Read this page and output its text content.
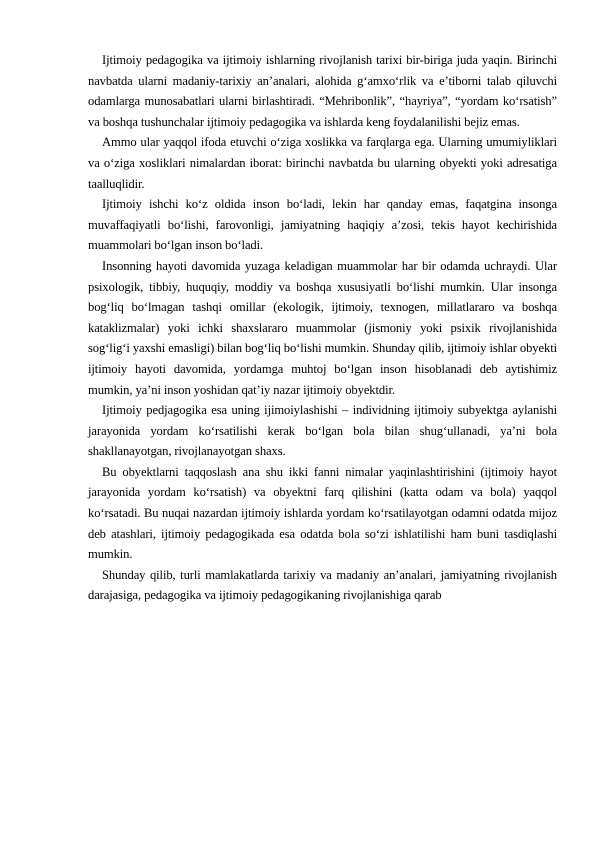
Ijtimoiy pedagogika va ijtimoiy ishlarning rivojlanish tarixi bir-biriga juda yaqin. Birinchi navbatda ularni madaniy-tarixiy an’analari, alohida g‘amxo‘rlik va e’tiborni talab qiluvchi odamlarga munosabatlari ularni birlashtiradi. “Mehribonlik”, “hayriya”, “yordam ko‘rsatish” va boshqa tushunchalar ijtimoiy pedagogika va ishlarda keng foydalanilishi bejiz emas.

Ammo ular yaqqol ifoda etuvchi o‘ziga xoslikka va farqlarga ega. Ularning umumiyliklari va o‘ziga xosliklari nimalardan iborat: birinchi navbatda bu ularning obyekti yoki adresatiga taalluqlidir.

Ijtimoiy ishchi ko‘z oldida inson bo‘ladi, lekin har qanday emas, faqatgina insonga muvaffaqiyatli bo‘lishi, farovonligi, jamiyatning haqiqiy a’zosi, tekis hayot kechirishida muammolari bo‘lgan inson bo‘ladi.

Insonning hayoti davomida yuzaga keladigan muammolar har bir odamda uchraydi. Ular psixologik, tibbiy, huquqiy, moddiy va boshqa xususiyatli bo‘lishi mumkin. Ular insonga bog‘liq bo‘lmagan tashqi omillar (ekologik, ijtimoiy, texnogen, millatlararo va boshqa kataklizmalar) yoki ichki shaxslararo muammolar (jismoniy yoki psixik rivojlanishida sog‘lig‘i yaxshi emasligi) bilan bog‘liq bo‘lishi mumkin. Shunday qilib, ijtimoiy ishlar obyekti ijtimoiy hayoti davomida, yordamga muhtoj bo‘lgan inson hisoblanadi deb aytishimiz mumkin, ya’ni inson yoshidan qat’iy nazar ijtimoiy obyektdir.

Ijtimoiy pedjagogika esa uning ijimoiylashishi – individning ijtimoiy subyektga aylanishi jarayonida yordam ko‘rsatilishi kerak bo‘lgan bola bilan shug‘ullanadi, ya’ni bola shakllanayotgan, rivojlanayotgan shaxs.

Bu obyektlarni taqqoslash ana shu ikki fanni nimalar yaqinlashtirishini (ijtimoiy hayot jarayonida yordam ko‘rsatish) va obyektni farq qilishini (katta odam va bola) yaqqol ko‘rsatadi. Bu nuqai nazardan ijtimoiy ishlarda yordam ko‘rsatilayotgan odamni odatda mijoz deb atashlari, ijtimoiy pedagogikada esa odatda bola so‘zi ishlatilishi ham buni tasdiqlashi mumkin.

Shunday qilib, turli mamlakatlarda tarixiy va madaniy an’analari, jamiyatning rivojlanish darajasiga, pedagogika va ijtimoiy pedagogikaning rivojlanishiga qarab
